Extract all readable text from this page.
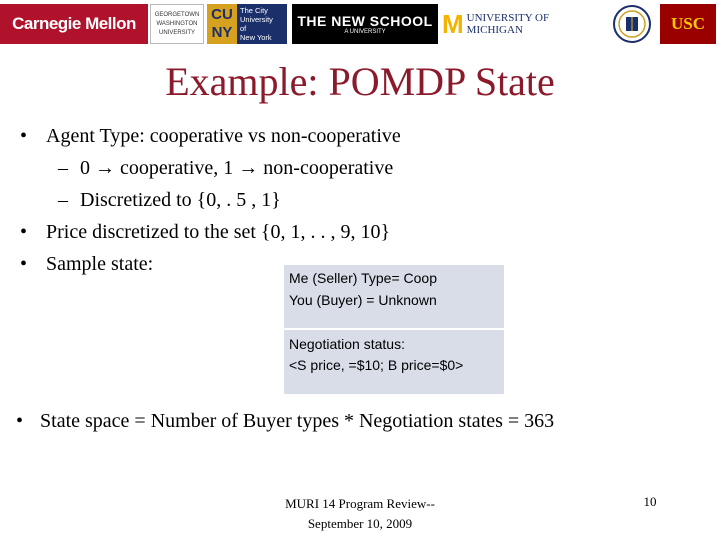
Carnegie Mellon	GEORGETOWN
WASHINGTON
UNIVERSITY
CU
NY
The City
University
of
New York
THE NEW SCHOOL
A UNIVERSITY M UNIVERSITY OF MICHIGAN	USC
Example: POMDP State
• Agent Type: cooperative vs non-cooperative
– 0 → cooperative, 1 → non-cooperative
– Discretized to {0, . 5 , 1}
• Price discretized to the set {0, 1, . . , 9, 10}
• Sample state:
Me (Seller) Type= Coop
You (Buyer) = Unknown
Negotiation status:
<S price, =$10; B price=$0>
• State space = Number of Buyer types * Negotiation states = 363
MURI 14 Program Review--
September 10, 2009
10
